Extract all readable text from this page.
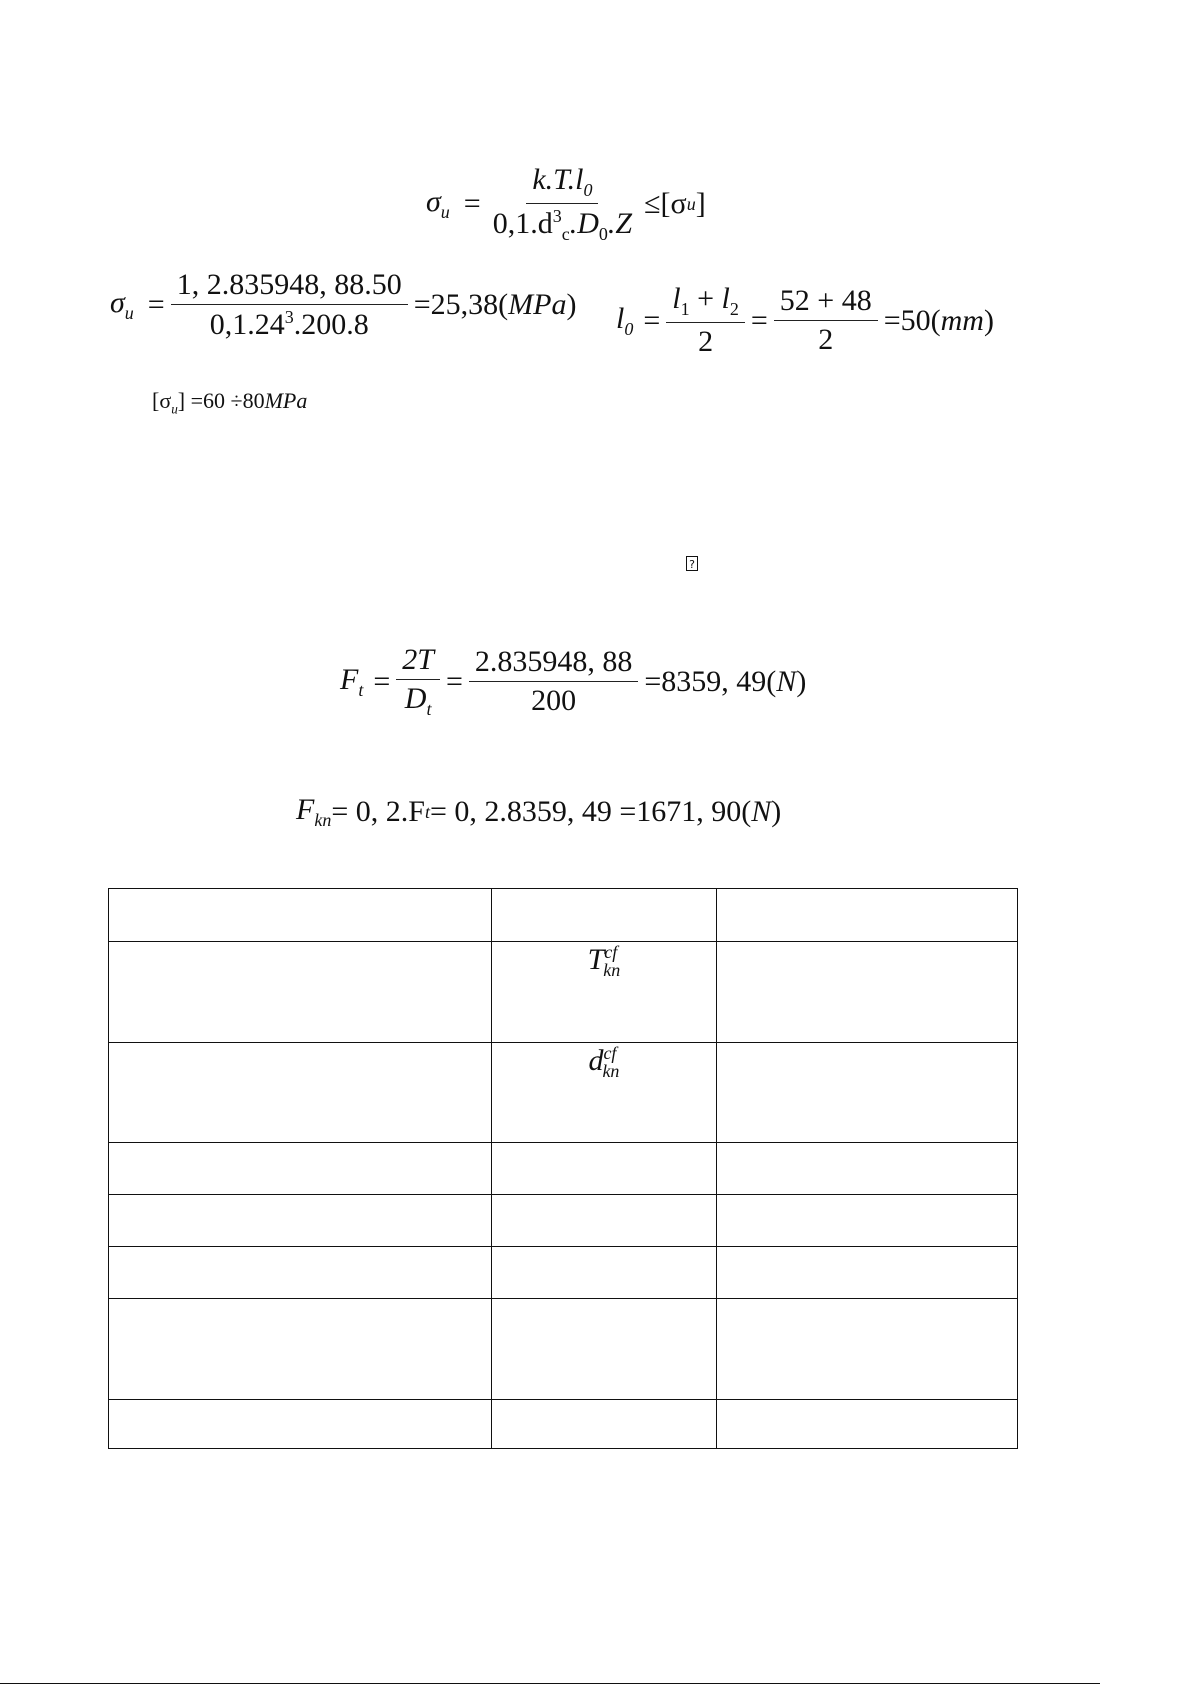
$\sigma_u = \frac{k.T.l_0}{0,1.d^3_c.D_0.Z} \le[\sigma$ u ]
$\sigma_u = \frac{1, 2.835948, 88.50}{0,1.24^3.200.8} =25,38$( MPa ) $l_0 = \frac{l_1 + l_2}{2} = \frac{52 + 48}{2} =50$( mm )
$[\sigma_u] =60 \div 80MPa$
?
$F_t = \frac{2T}{D_t} = \frac{2.835948, 88}{200} =8359$, 49( N )
$F_{kn} = 0$, 2.F t = 0, 2.8359, 49 =1671, 90( N )

	$T^{cf}_{kn}$	
	$d^{cf}_{kn}$	
